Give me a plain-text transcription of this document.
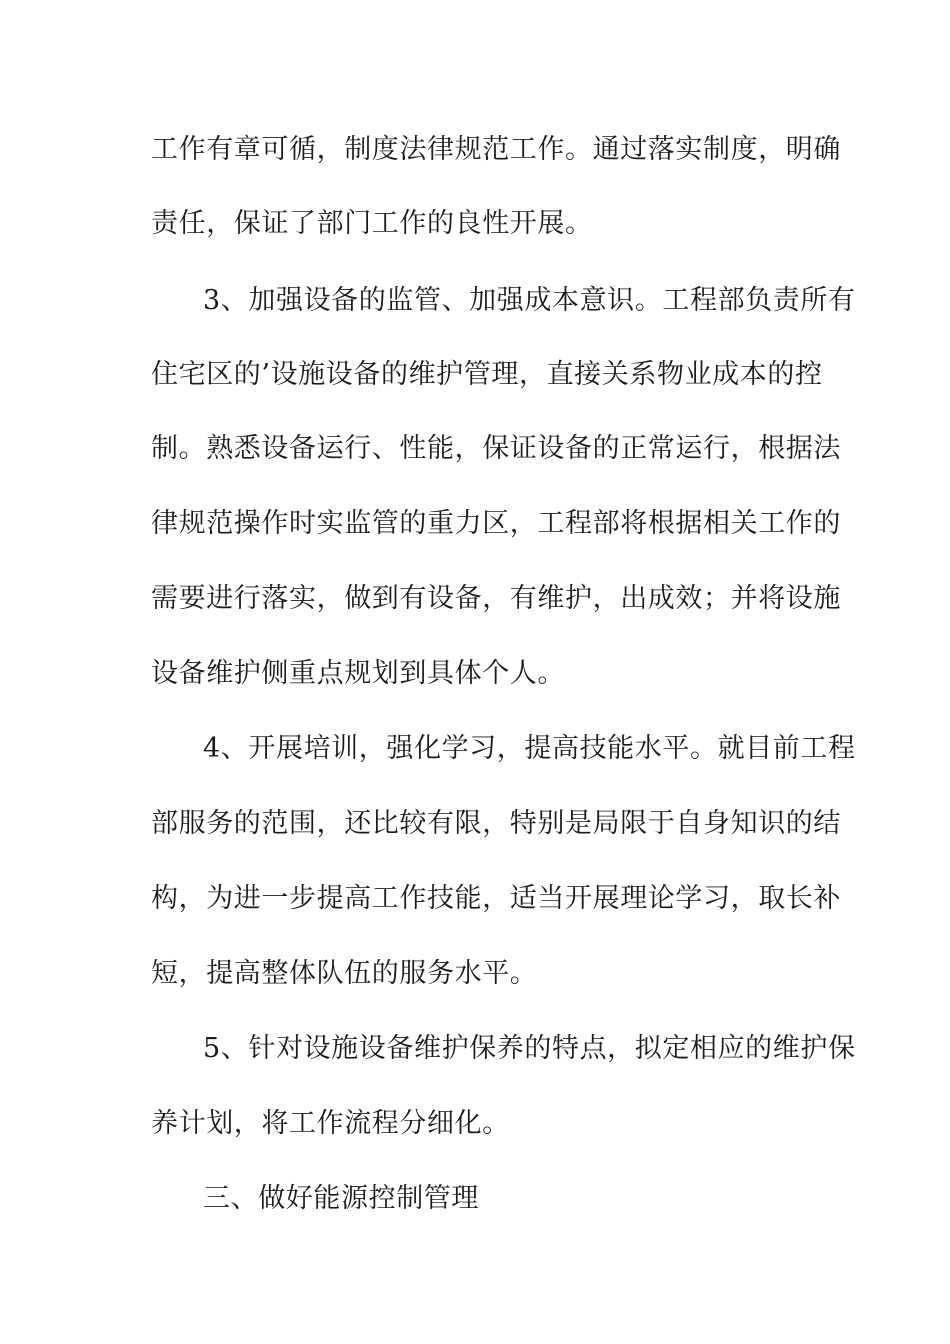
工作有章可循，制度法律规范工作。通过落实制度，明确
责任，保证了部门工作的良性开展。
3、加强设备的监管、加强成本意识。工程部负责所有
住宅区的’设施设备的维护管理，直接关系物业成本的控
制。熟悉设备运行、性能，保证设备的正常运行，根据法
律规范操作时实监管的重力区，工程部将根据相关工作的
需要进行落实，做到有设备，有维护，出成效；并将设施
设备维护侧重点规划到具体个人。
4、开展培训，强化学习，提高技能水平。就目前工程
部服务的范围，还比较有限，特别是局限于自身知识的结
构，为进一步提高工作技能，适当开展理论学习，取长补
短，提高整体队伍的服务水平。
5、针对设施设备维护保养的特点，拟定相应的维护保
养计划，将工作流程分细化。
三、做好能源控制管理
